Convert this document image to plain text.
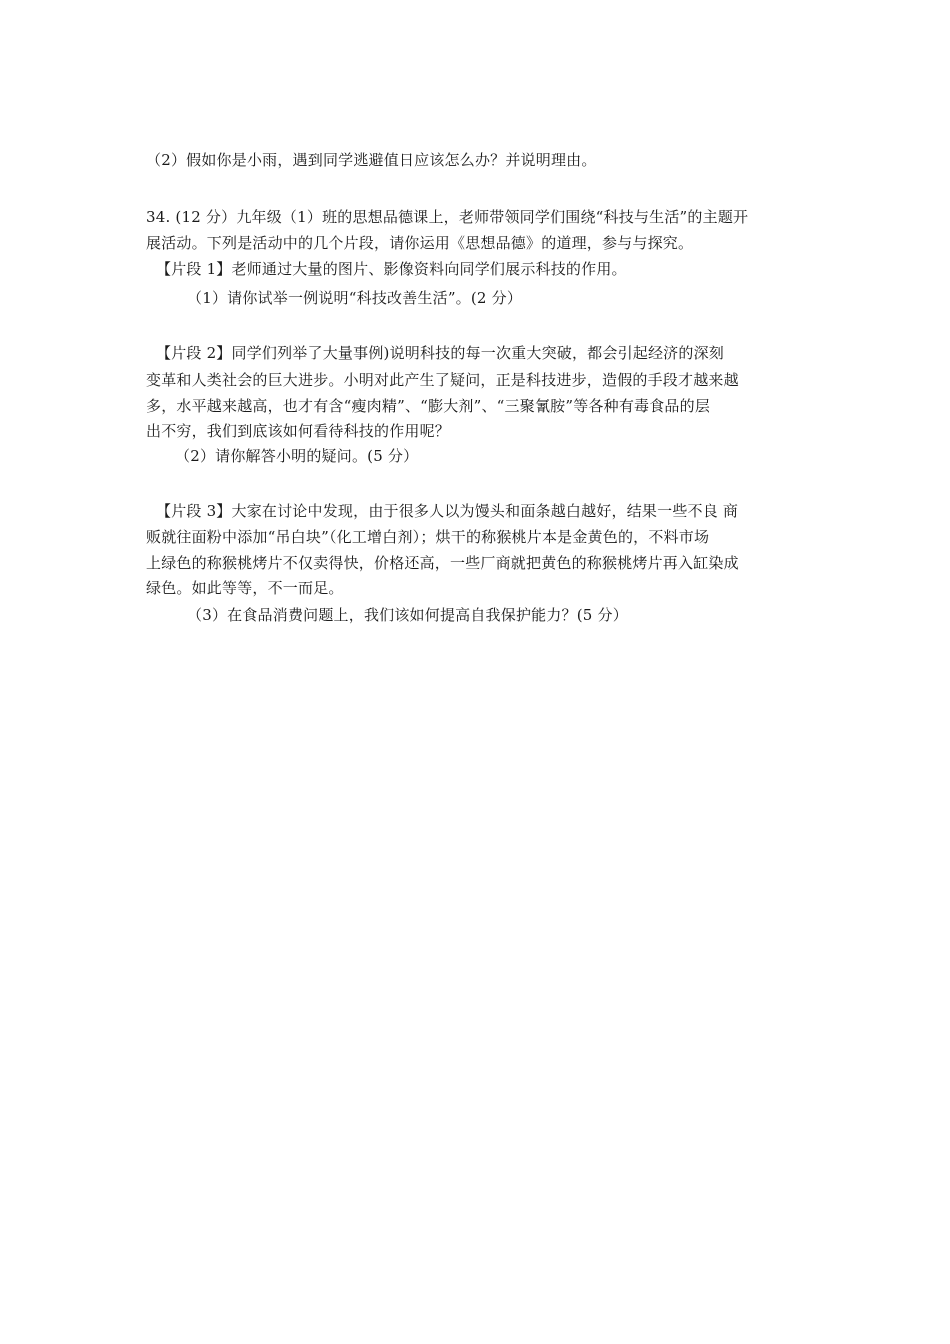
（2）假如你是小雨，遇到同学逃避值日应该怎么办？并说明理由。
34. (12 分）九年级（1）班的思想品德课上，老师带领同学们围绕“科技与生活”的主题开
展活动。下列是活动中的几个片段，请你运用《思想品德》的道理，参与与探究。
【片段 1】老师通过大量的图片、影像资料向同学们展示科技的作用。
（1）请你试举一例说明“科技改善生活”。(2 分）
【片段 2】同学们列举了大量事例)说明科技的每一次重大突破，都会引起经济的深刻
变革和人类社会的巨大进步。小明对此产生了疑问，正是科技进步，造假的手段才越来越
多，水平越来越高，也才有含“瘦肉精”、“膨大剂”、“三聚氰胺”等各种有毒食品的层
出不穷，我们到底该如何看待科技的作用呢？
（2）请你解答小明的疑问。(5 分）
【片段 3】大家在讨论中发现，由于很多人以为馒头和面条越白越好，结果一些不良 商
贩就往面粉中添加“吊白块”（化工增白剂）；烘干的称猴桃片本是金黄色的，不料市场
上绿色的称猴桃烤片不仅卖得快，价格还高，一些厂商就把黄色的称猴桃烤片再入缸染成
绿色。如此等等，不一而足。
（3）在食品消费问题上，我们该如何提高自我保护能力？(5 分）
